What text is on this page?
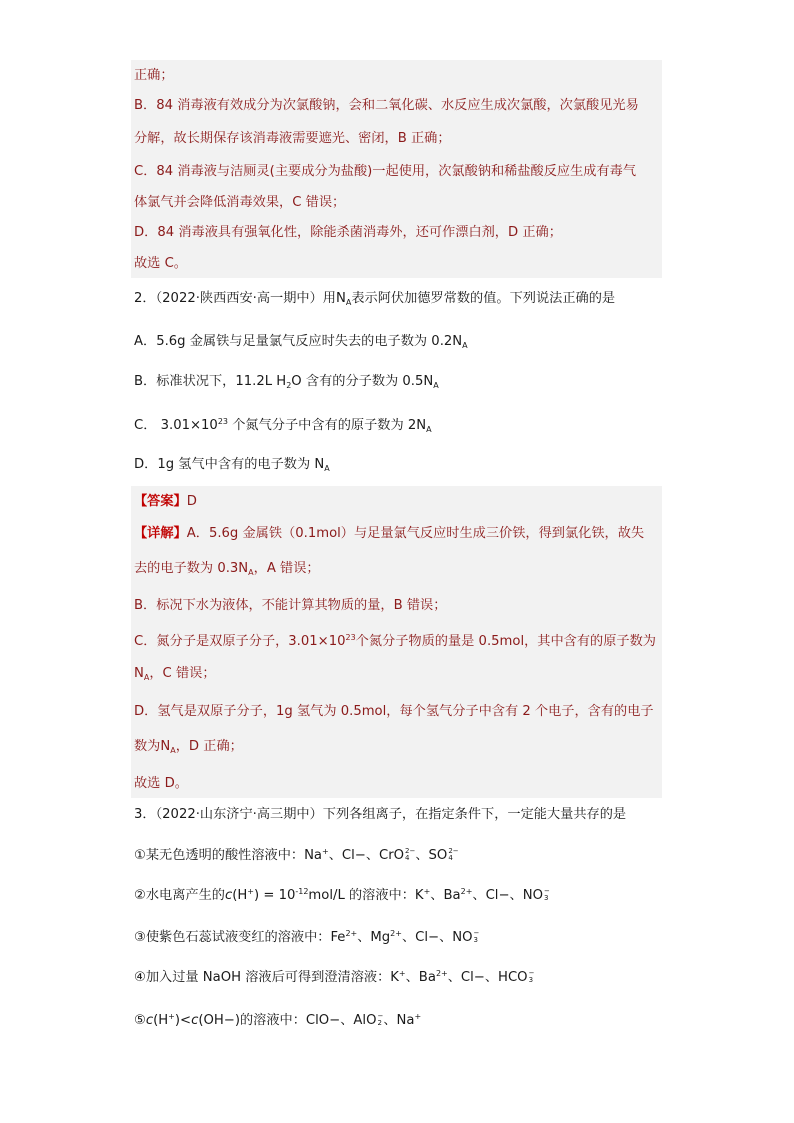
正确；
B．84 消毒液有效成分为次氯酸钠，会和二氧化碳、水反应生成次氯酸，次氯酸见光易
分解，故长期保存该消毒液需要遮光、密闭，B 正确；
C．84 消毒液与洁厕灵(主要成分为盐酸)一起使用，次氯酸钠和稀盐酸反应生成有毒气
体氯气并会降低消毒效果，C 错误；
D．84 消毒液具有强氧化性，除能杀菌消毒外，还可作漂白剂，D 正确；
故选 C。
2．（2022·陕西西安·高一期中）用$N_A$表示阿伏加德罗常数的值。下列说法正确的是
A．5.6g 金属铁与足量氯气反应时失去的电子数为 $0.2N_A$
B．标准状况下，11.2L $H_2O$ 含有的分子数为 $0.5N_A$
C． $3.01\times 10^{23}$ 个氮气分子中含有的原子数为 $2N_A$
D．1g 氢气中含有的电子数为 $N_A$
【答案】D
【详解】A．5.6g 金属铁（0.1mol）与足量氯气反应时生成三价铁，得到氯化铁，故失
去的电子数为 $0.3N_A$，A 错误；
B．标况下水为液体，不能计算其物质的量，B 错误；
C．氮分子是双原子分子，$3.01\times 10^{23}$个氮分子物质的量是 0.5mol，其中含有的原子数为
$N_A$，C 错误；
D．氢气是双原子分子，1g 氢气为 0.5mol，每个氢气分子中含有 2 个电子，含有的电子
数为$N_A$，D 正确；
故选 D。
3．（2022·山东济宁·高三期中）下列各组离子，在指定条件下，一定能大量共存的是
①某无色透明的酸性溶液中：Na+、Cl−、CrO 2−
4 、SO 2−
4
②水电离产生的$c(H^+) = 10^{-12}mol/L$ 的溶液中：K+、$Ba^{2+}$、Cl−、NO −
3
③使紫色石蕊试液变红的溶液中：$Fe^{2+}$、$Mg^{2+}$、Cl−、NO −
3
④加入过量 NaOH 溶液后可得到澄清溶液：K+、$Ba^{2+}$、Cl−、HCO −
3
⑤c(H+)<c(OH−)的溶液中：ClO−、AlO −
2 、Na+
